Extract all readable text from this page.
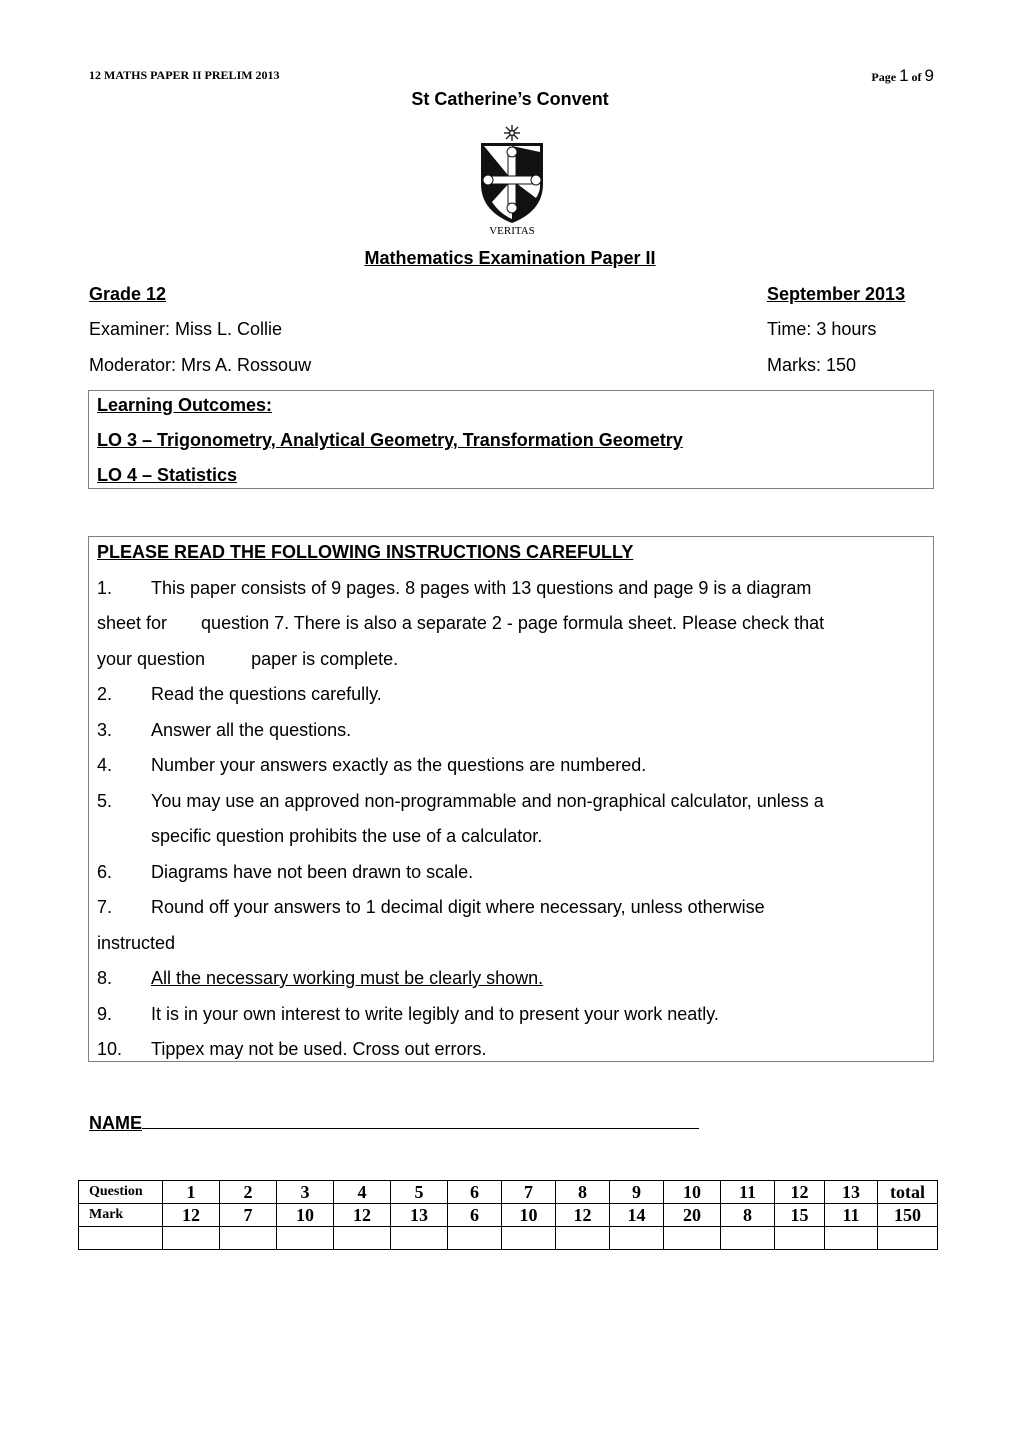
12 MATHS PAPER II PRELIM 2013	Page 1 of 9
St Catherine’s Convent
VERITAS
Mathematics Examination Paper II
Grade 12	September 2013
Examiner: Miss L. Collie	Time: 3 hours
Moderator: Mrs A. Rossouw	Marks: 150
Learning Outcomes:
LO 3 – Trigonometry, Analytical Geometry, Transformation Geometry
LO 4 – Statistics
PLEASE READ THE FOLLOWING INSTRUCTIONS CAREFULLY
1. This paper consists of 9 pages. 8 pages with 13 questions and page 9 is a diagram
sheet for question 7. There is also a separate 2 - page formula sheet. Please check that
your question	paper is complete.
2. Read the questions carefully.
3. Answer all the questions.
4. Number your answers exactly as the questions are numbered.
5. You may use an approved non-programmable and non-graphical calculator, unless a
specific question prohibits the use of a calculator.
6. Diagrams have not been drawn to scale.
7. Round off your answers to 1 decimal digit where necessary, unless otherwise
instructed
8. All the necessary working must be clearly shown.
9. It is in your own interest to write legibly and to present your work neatly.
10. Tippex may not be used. Cross out errors.
NAME
Question	1	2	3	4	5	6	7	8	9	10	11	12	13	total
Mark	12	7	10	12	13	6	10	12	14	20	8	15	11	150
